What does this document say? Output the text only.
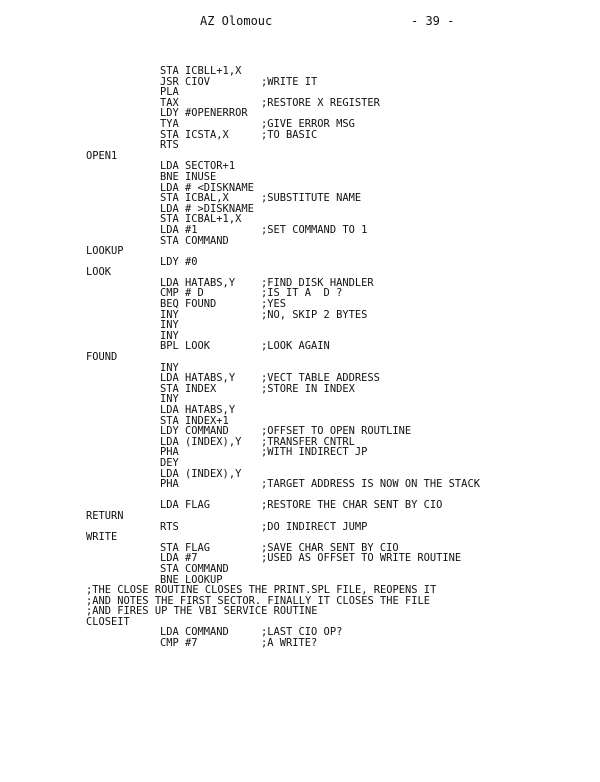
AZ Olomouc	- 39 -
STA ICBLL+1,X
JSR CIOV	;WRITE IT
PLA
TAX	;RESTORE X REGISTER
LDY #OPENERROR
TYA	;GIVE ERROR MSG
STA ICSTA,X	;TO BASIC
RTS
OPEN1
LDA SECTOR+1
BNE INUSE
LDA # <DISKNAME
STA ICBAL,X	;SUBSTITUTE NAME
LDA # >DISKNAME
STA ICBAL+1,X
LDA #1	;SET COMMAND TO 1
STA COMMAND
LOOKUP
LDY #0
LOOK
LDA HATABS,Y ;FIND DISK HANDLER
CMP # D	;IS IT A  D ?
BEQ FOUND	;YES
INY	;NO, SKIP 2 BYTES
INY
INY
BPL LOOK	;LOOK AGAIN
FOUND
INY
LDA HATABS,Y ;VECT TABLE ADDRESS
STA INDEX	;STORE IN INDEX
INY
LDA HATABS,Y
STA INDEX+1
LDY COMMAND	;OFFSET TO OPEN ROUTLINE
LDA (INDEX),Y ;TRANSFER CNTRL
PHA	;WITH INDIRECT JP
DEY
LDA (INDEX),Y
PHA	;TARGET ADDRESS IS NOW ON THE STACK
LDA FLAG	;RESTORE THE CHAR SENT BY CIO
RETURN
RTS	;DO INDIRECT JUMP
WRITE
STA FLAG	;SAVE CHAR SENT BY CIO
LDA #7	;USED AS OFFSET TO WRITE ROUTINE
STA COMMAND
BNE LOOKUP
;THE CLOSE ROUTINE CLOSES THE PRINT.SPL FILE, REOPENS IT
;AND NOTES THE FIRST SECTOR. FINALLY IT CLOSES THE FILE
;AND FIRES UP THE VBI SERVICE ROUTINE
CLOSEIT
LDA COMMAND	;LAST CIO OP?
CMP #7	;A WRITE?
